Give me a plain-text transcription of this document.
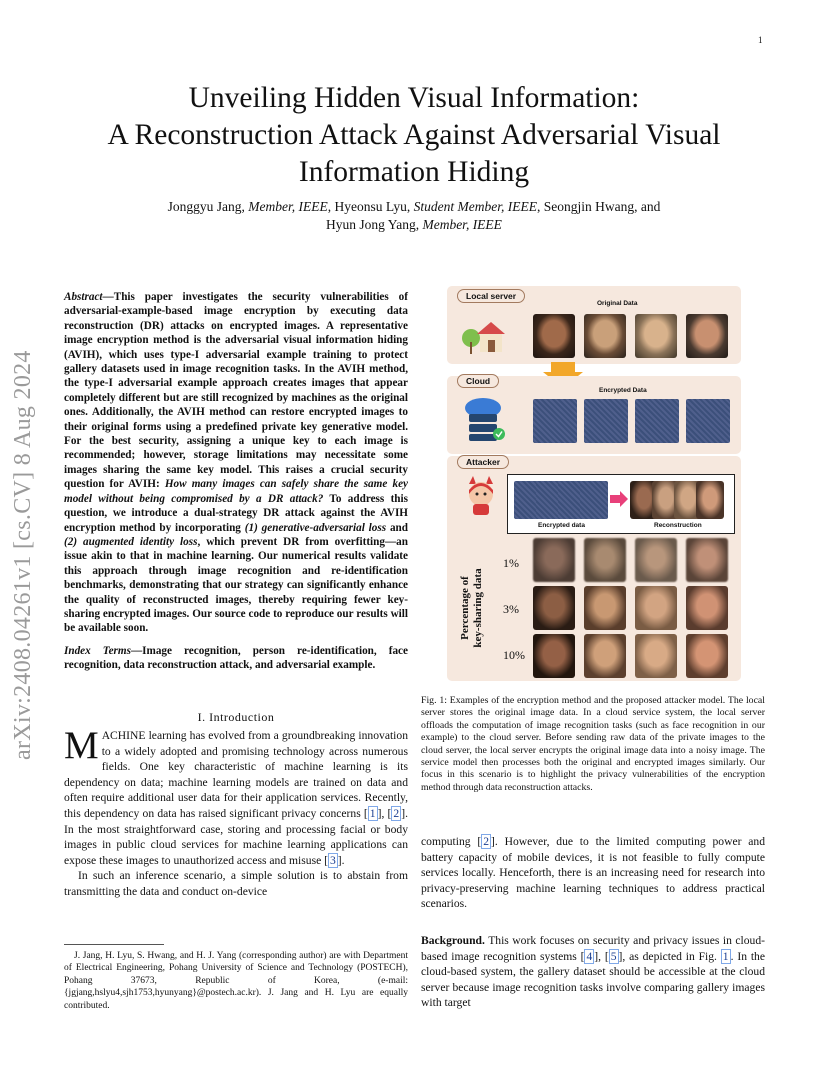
1
arXiv:2408.04261v1 [cs.CV] 8 Aug 2024
Unveiling Hidden Visual Information:
A Reconstruction Attack Against Adversarial Visual
Information Hiding
Jonggyu Jang, Member, IEEE, Hyeonsu Lyu, Student Member, IEEE, Seongjin Hwang, and
Hyun Jong Yang, Member, IEEE
Abstract—This paper investigates the security vulnerabilities of adversarial-example-based image encryption by executing data reconstruction (DR) attacks on encrypted images. A representative image encryption method is the adversarial visual information hiding (AVIH), which uses type-I adversarial example training to protect gallery datasets used in image recognition tasks. In the AVIH method, the type-I adversarial example approach creates images that appear completely different but are still recognized by machines as the original ones. Additionally, the AVIH method can restore encrypted images to their original forms using a predefined private key generative model. For the best security, assigning a unique key to each image is recommended; however, storage limitations may necessitate some images sharing the same key model. This raises a crucial security question for AVIH: How many images can safely share the same key model without being compromised by a DR attack? To address this question, we introduce a dual-strategy DR attack against the AVIH encryption method by incorporating (1) generative-adversarial loss and (2) augmented identity loss, which prevent DR from overfitting—an issue akin to that in machine learning. Our numerical results validate this approach through image recognition and re-identification benchmarks, demonstrating that our strategy can significantly enhance the quality of reconstructed images, thereby requiring fewer key-sharing encrypted images. Our source code to reproduce our results will be available soon.
Index Terms—Image recognition, person re-identification, face recognition, data reconstruction attack, and adversarial example.
I. Introduction

MACHINE learning has evolved from a groundbreaking innovation to a widely adopted and promising technology across numerous fields. One key characteristic of machine learning is its dependency on data; machine learning models are trained on data and often require additional user data for their application services. Recently, this dependency on data has raised significant privacy concerns [ 1 ], [ 2 ]. In the most straightforward case, storing and processing facial or body images in public cloud services for machine learning applications can expose these images to unauthorized access and misuse [ 3 ].

In such an inference scenario, a simple solution is to abstain from transmitting the data and conduct on-device

J. Jang, H. Lyu, S. Hwang, and H. J. Yang (corresponding author) are with Department of Electrical Engineering, Pohang University of Science and Technology (POSTECH), Pohang 37673, Republic of Korea, (e-mail: {jgjang,hslyu4,sjh1753,hyunyang}@postech.ac.kr). J. Jang and H. Lyu are equally contributed.
Local server
Original Data
Cloud
Encrypted Data
Attacker
Encrypted data	Reconstruction
Percentage of key-sharing data
1%
3%
10%
Fig. 1: Examples of the encryption method and the proposed attacker model. The local server stores the original image data. In a cloud service system, the local server offloads the computation of image recognition tasks (such as face recognition in our example) to the cloud server. Before sending raw data of the private images to the cloud server, the local server encrypts the original image data into a noisy image. The service model then processes both the original and encrypted images similarly. Our focus in this scenario is to highlight the privacy vulnerabilities of the encryption method through data reconstruction attacks.
computing [ 2 ]. However, due to the limited computing power and battery capacity of mobile devices, it is not feasible to fully compute services locally. Henceforth, there is an increasing need for research into privacy-preserving machine learning techniques to address practical scenarios.
Background. This work focuses on security and privacy issues in cloud-based image recognition systems [ 4 ], [ 5 ], as depicted in Fig. 1 . In the cloud-based system, the gallery dataset should be accessible at the cloud server because image recognition tasks involve comparing gallery images with target
